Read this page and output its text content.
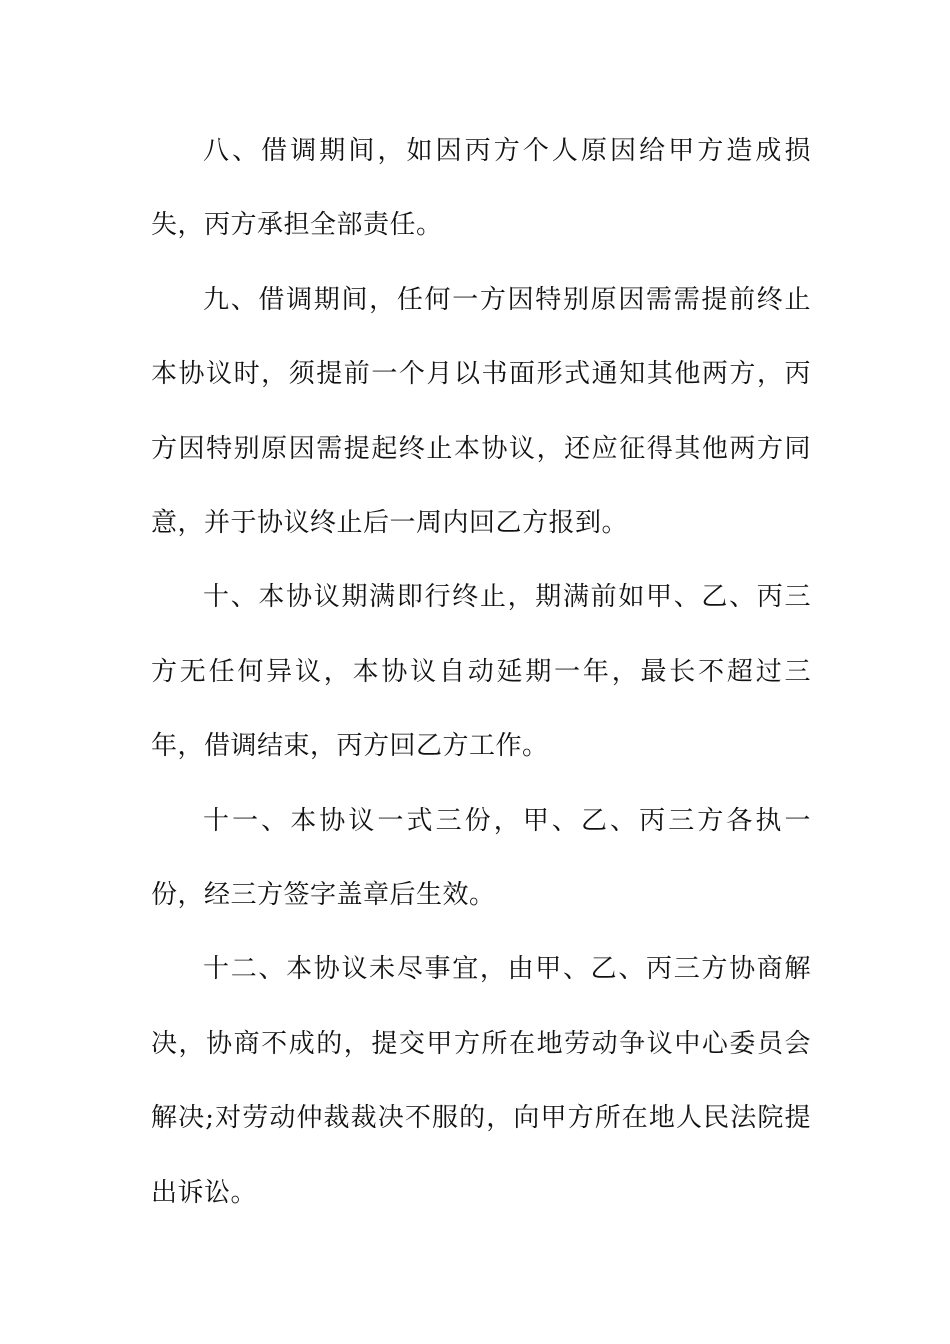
八、借调期间，如因丙方个人原因给甲方造成损失，丙方承担全部责任。

九、借调期间，任何一方因特别原因需需提前终止本协议时，须提前一个月以书面形式通知其他两方，丙方因特别原因需提起终止本协议，还应征得其他两方同意，并于协议终止后一周内回乙方报到。

十、本协议期满即行终止，期满前如甲、乙、丙三方无任何异议，本协议自动延期一年，最长不超过三年，借调结束，丙方回乙方工作。

十一、本协议一式三份，甲、乙、丙三方各执一份，经三方签字盖章后生效。

十二、本协议未尽事宜，由甲、乙、丙三方协商解决，协商不成的，提交甲方所在地劳动争议中心委员会解决;对劳动仲裁裁决不服的，向甲方所在地人民法院提出诉讼。
